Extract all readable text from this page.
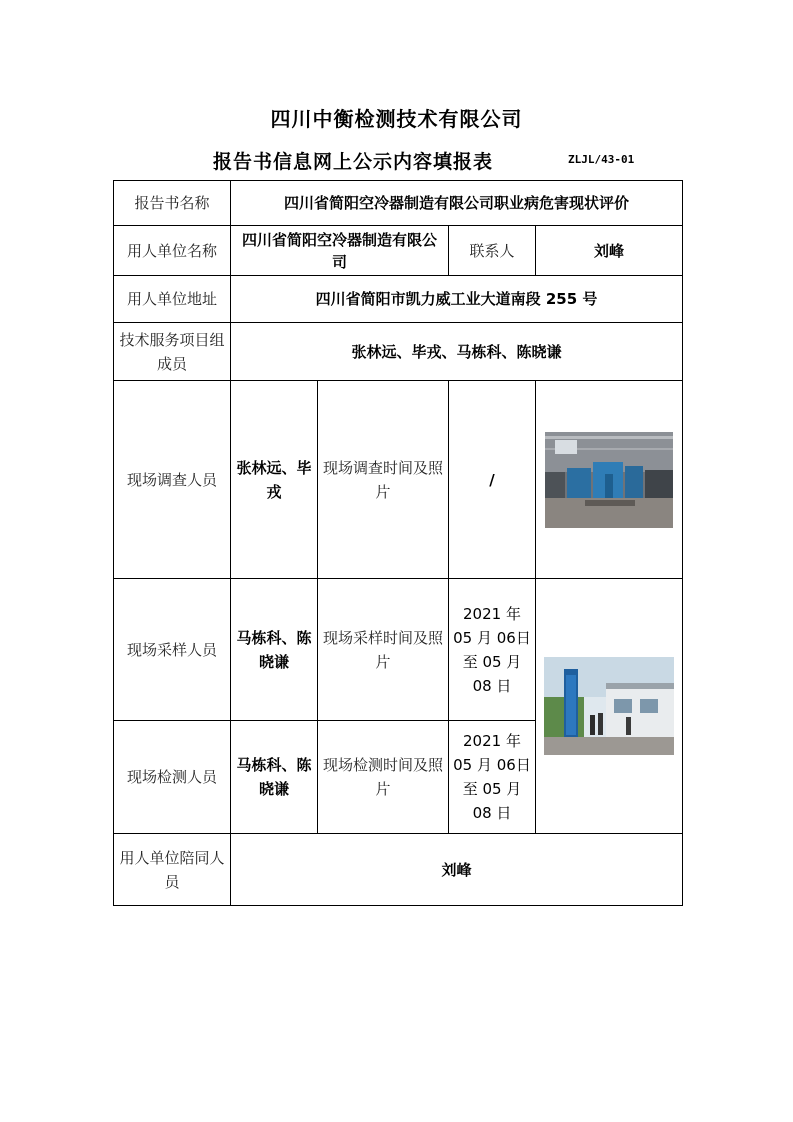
四川中衡检测技术有限公司
报告书信息网上公示内容填报表	ZLJL/43-01
报告书名称	四川省简阳空冷器制造有限公司职业病危害现状评价			
用人单位名称	四川省简阳空冷器制造有限公司		联系人	刘峰
用人单位地址	四川省简阳市凯力威工业大道南段 255 号			
技术服务项目组成员	张林远、毕戎、马栋科、陈晓谦			
现场调查人员	张林远、毕戎	现场调查时间及照片	/	

现场采样人员	马栋科、陈晓谦	现场采样时间及照片	2021 年 05 月 06日至 05 月 08 日	

现场检测人员	马栋科、陈晓谦	现场检测时间及照片	2021 年 05 月 06日至 05 月 08 日	
用人单位陪同人员	刘峰			
